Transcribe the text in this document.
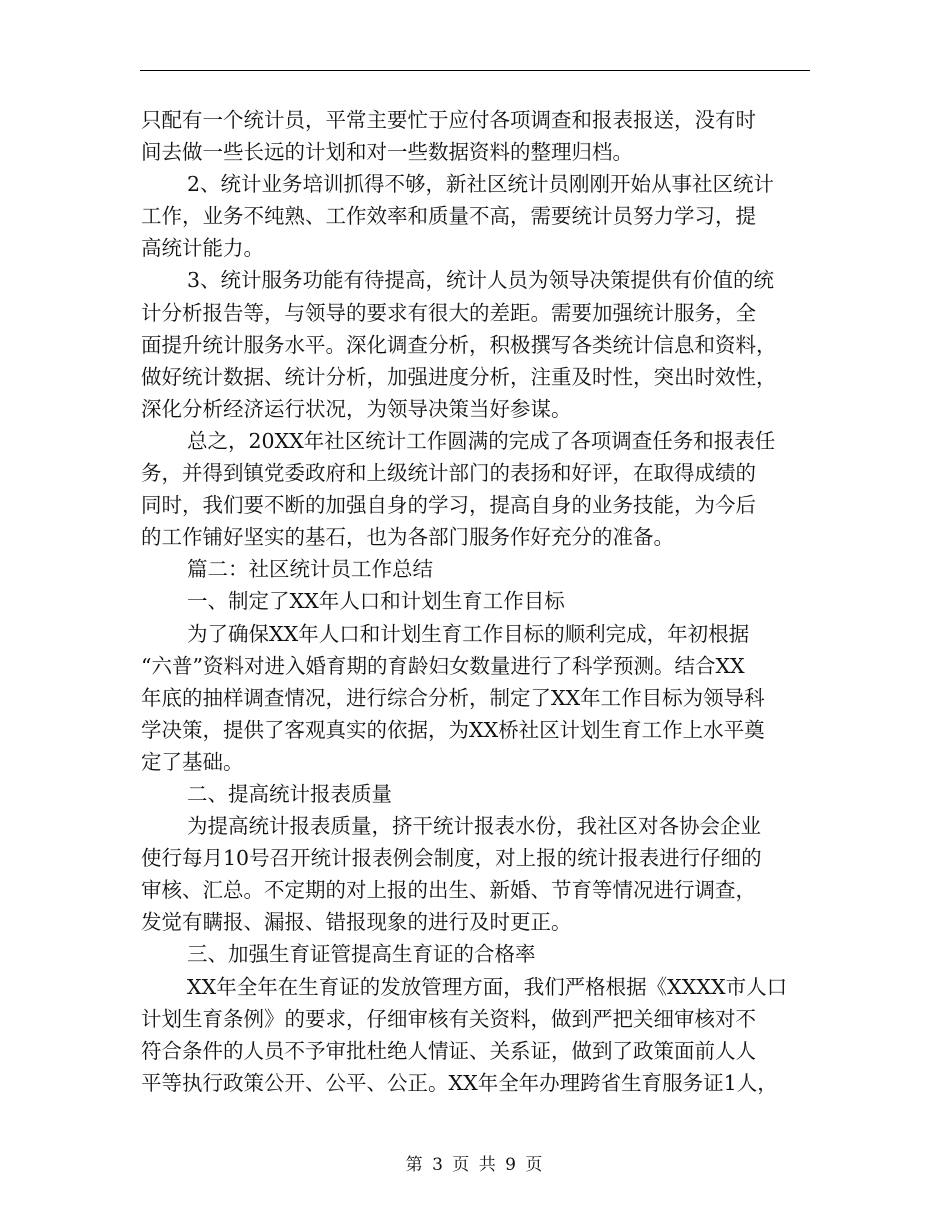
只配有一个统计员，平常主要忙于应付各项调查和报表报送，没有时
间去做一些长远的计划和对一些数据资料的整理归档。
2、统计业务培训抓得不够，新社区统计员刚刚开始从事社区统计
工作，业务不纯熟、工作效率和质量不高，需要统计员努力学习，提
高统计能力。
3、统计服务功能有待提高，统计人员为领导决策提供有价值的统
计分析报告等，与领导的要求有很大的差距。需要加强统计服务，全
面提升统计服务水平。深化调查分析，积极撰写各类统计信息和资料，
做好统计数据、统计分析，加强进度分析，注重及时性，突出时效性，
深化分析经济运行状况，为领导决策当好参谋。
总之，20XX年社区统计工作圆满的完成了各项调查任务和报表任
务，并得到镇党委政府和上级统计部门的表扬和好评，在取得成绩的
同时，我们要不断的加强自身的学习，提高自身的业务技能，为今后
的工作铺好坚实的基石，也为各部门服务作好充分的准备。
篇二：社区统计员工作总结
一、制定了XX年人口和计划生育工作目标
为了确保XX年人口和计划生育工作目标的顺利完成，年初根据
“六普”资料对进入婚育期的育龄妇女数量进行了科学预测。结合XX
年底的抽样调查情况，进行综合分析，制定了XX年工作目标为领导科
学决策，提供了客观真实的依据，为XX桥社区计划生育工作上水平奠
定了基础。
二、提高统计报表质量
为提高统计报表质量，挤干统计报表水份，我社区对各协会企业
使行每月10号召开统计报表例会制度，对上报的统计报表进行仔细的
审核、汇总。不定期的对上报的出生、新婚、节育等情况进行调查，
发觉有瞒报、漏报、错报现象的进行及时更正。
三、加强生育证管提高生育证的合格率
XX年全年在生育证的发放管理方面，我们严格根据《XXXX市人口
计划生育条例》的要求，仔细审核有关资料，做到严把关细审核对不
符合条件的人员不予审批杜绝人情证、关系证，做到了政策面前人人
平等执行政策公开、公平、公正。XX年全年办理跨省生育服务证1人，
第 3 页 共 9 页
